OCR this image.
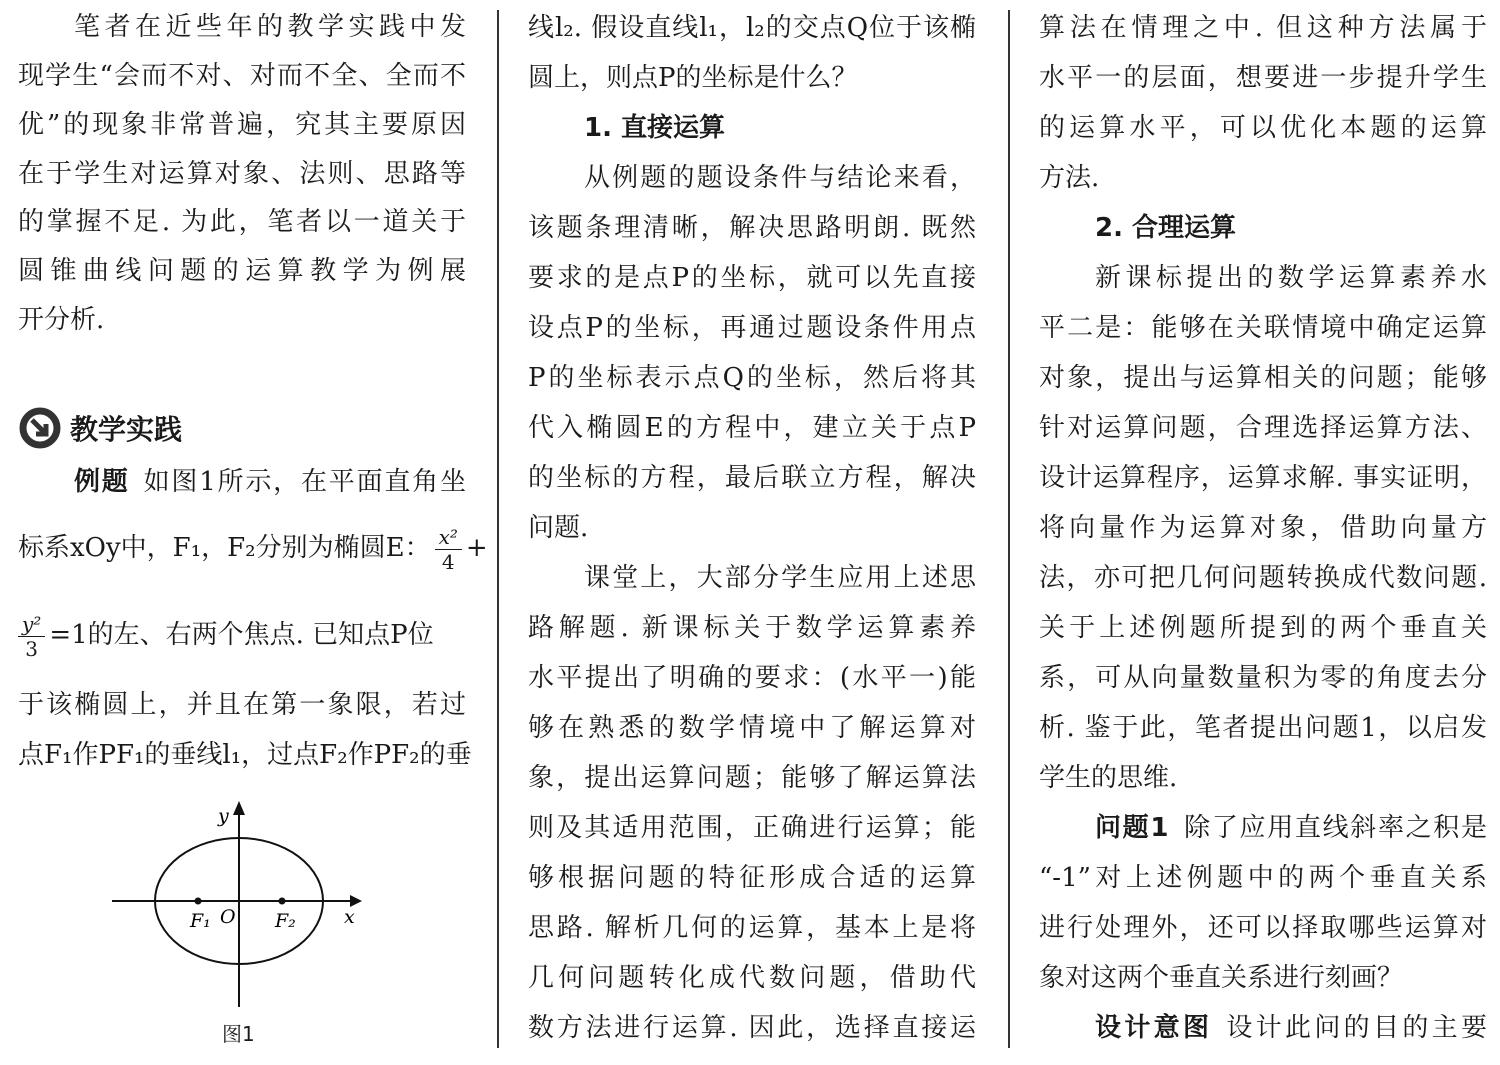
笔者在近些年的教学实践中发
现学生“会而不对、对而不全、全而不
优”的现象非常普遍，究其主要原因
在于学生对运算对象、法则、思路等
的掌握不足. 为此，笔者以一道关于
圆锥曲线问题的运算教学为例展
开分析.
教学实践
例题 如图1所示，在平面直角坐
标系xOy中，F₁，F₂分别为椭圆E： $\frac{\text{x²}}{4}$ +
$\frac{\text{y²}}{3} =1$的左、右两个焦点. 已知点P位
于该椭圆上，并且在第一象限，若过
点F₁作PF₁的垂线l₁，过点F₂作PF₂的垂
y
x
O
F₁	F₂
图1
线l₂. 假设直线l₁，l₂的交点Q位于该椭
圆上，则点P的坐标是什么？
1. 直接运算
从例题的题设条件与结论来看，
该题条理清晰，解决思路明朗. 既然
要求的是点P的坐标，就可以先直接
设点P的坐标，再通过题设条件用点
P的坐标表示点Q的坐标，然后将其
代入椭圆E的方程中，建立关于点P
的坐标的方程，最后联立方程，解决
问题.
课堂上，大部分学生应用上述思
路解题. 新课标关于数学运算素养
水平提出了明确的要求：(水平一)能
够在熟悉的数学情境中了解运算对
象，提出运算问题；能够了解运算法
则及其适用范围，正确进行运算；能
够根据问题的特征形成合适的运算
思路. 解析几何的运算，基本上是将
几何问题转化成代数问题，借助代
数方法进行运算. 因此，选择直接运
算法在情理之中. 但这种方法属于
水平一的层面，想要进一步提升学生
的运算水平，可以优化本题的运算
方法.
2. 合理运算
新课标提出的数学运算素养水
平二是：能够在关联情境中确定运算
对象，提出与运算相关的问题；能够
针对运算问题，合理选择运算方法、
设计运算程序，运算求解. 事实证明，
将向量作为运算对象，借助向量方
法，亦可把几何问题转换成代数问题.
关于上述例题所提到的两个垂直关
系，可从向量数量积为零的角度去分
析. 鉴于此，笔者提出问题1，以启发
学生的思维.
问题1 除了应用直线斜率之积是
“-1”对上述例题中的两个垂直关系
进行处理外，还可以择取哪些运算对
象对这两个垂直关系进行刻画？
设计意图 设计此问的目的主要
